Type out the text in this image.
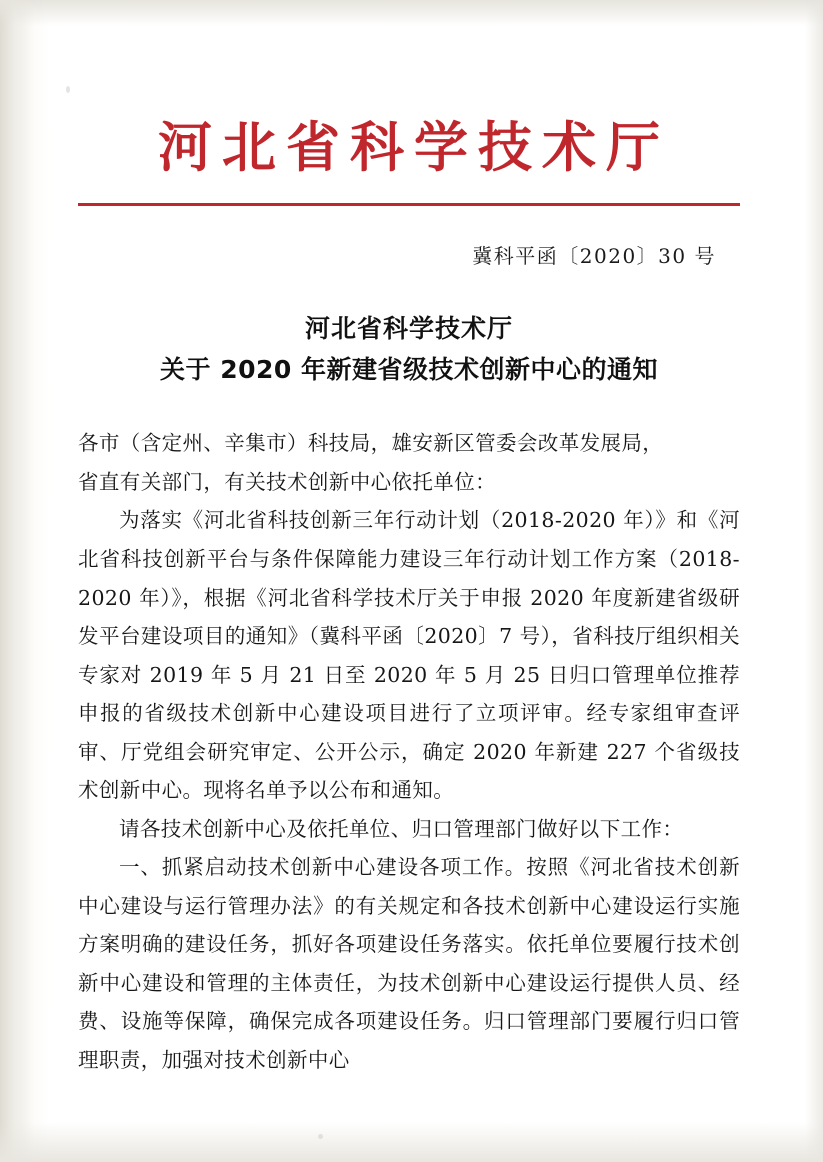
河北省科学技术厅
冀科平函〔2020〕30 号
河北省科学技术厅
关于 2020 年新建省级技术创新中心的通知

各市（含定州、辛集市）科技局，雄安新区管委会改革发展局，

省直有关部门，有关技术创新中心依托单位：

为落实《河北省科技创新三年行动计划（2018-2020 年）》和《河北省科技创新平台与条件保障能力建设三年行动计划工作方案（2018-2020 年）》，根据《河北省科学技术厅关于申报 2020 年度新建省级研发平台建设项目的通知》（冀科平函〔2020〕7 号），省科技厅组织相关专家对 2019 年 5 月 21 日至 2020 年 5 月 25 日归口管理单位推荐申报的省级技术创新中心建设项目进行了立项评审。经专家组审查评审、厅党组会研究审定、公开公示，确定 2020 年新建 227 个省级技术创新中心。现将名单予以公布和通知。

请各技术创新中心及依托单位、归口管理部门做好以下工作：

一、抓紧启动技术创新中心建设各项工作。按照《河北省技术创新中心建设与运行管理办法》的有关规定和各技术创新中心建设运行实施方案明确的建设任务，抓好各项建设任务落实。依托单位要履行技术创新中心建设和管理的主体责任，为技术创新中心建设运行提供人员、经费、设施等保障，确保完成各项建设任务。归口管理部门要履行归口管理职责，加强对技术创新中心
